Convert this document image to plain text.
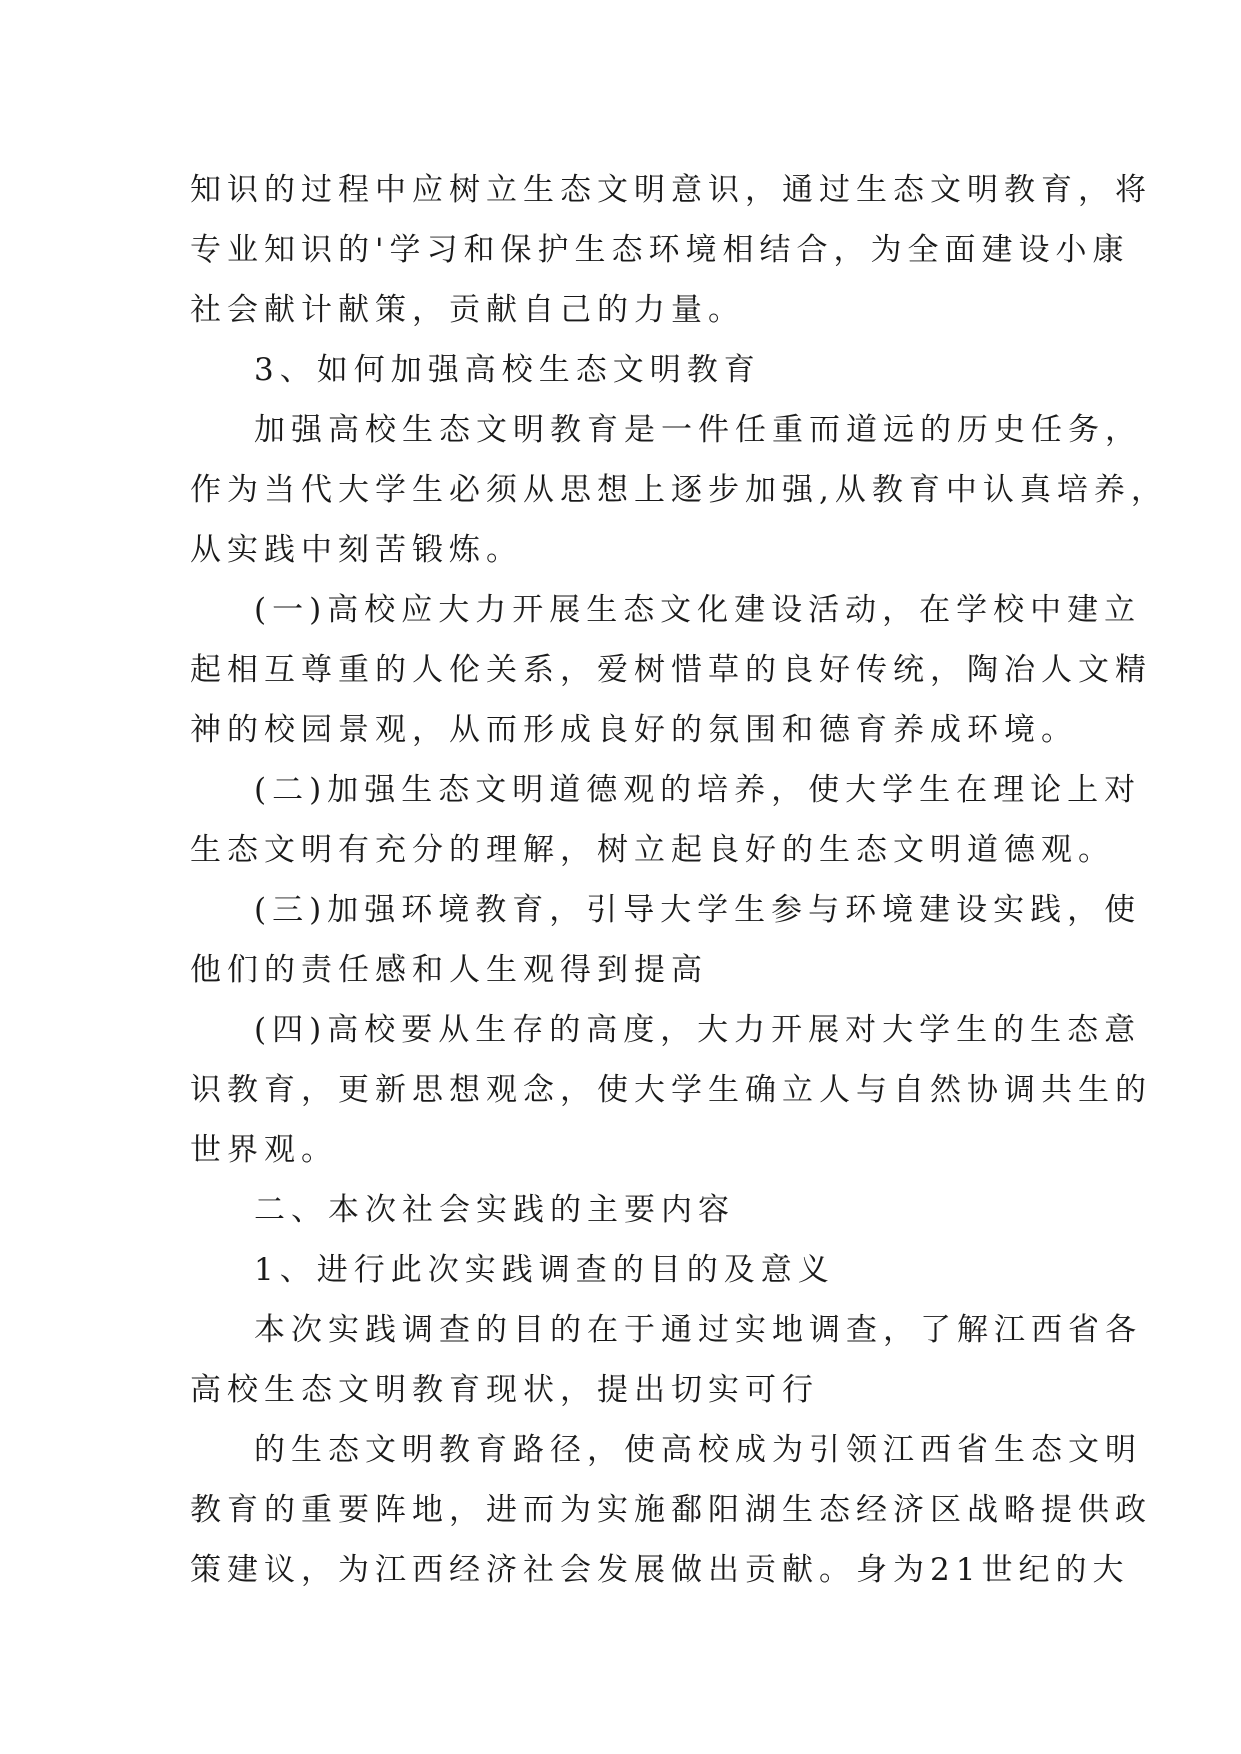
知识的过程中应树立生态文明意识，通过生态文明教育，将
专业知识的'学习和保护生态环境相结合，为全面建设小康
社会献计献策，贡献自己的力量。
3、如何加强高校生态文明教育
加强高校生态文明教育是一件任重而道远的历史任务，
作为当代大学生必须从思想上逐步加强,从教育中认真培养，
从实践中刻苦锻炼。
(一)高校应大力开展生态文化建设活动，在学校中建立
起相互尊重的人伦关系，爱树惜草的良好传统，陶冶人文精
神的校园景观，从而形成良好的氛围和德育养成环境。
(二)加强生态文明道德观的培养，使大学生在理论上对
生态文明有充分的理解，树立起良好的生态文明道德观。
(三)加强环境教育，引导大学生参与环境建设实践，使
他们的责任感和人生观得到提高
(四)高校要从生存的高度，大力开展对大学生的生态意
识教育，更新思想观念，使大学生确立人与自然协调共生的
世界观。
二、本次社会实践的主要内容
1、进行此次实践调查的目的及意义
本次实践调查的目的在于通过实地调查，了解江西省各
高校生态文明教育现状，提出切实可行
的生态文明教育路径，使高校成为引领江西省生态文明
教育的重要阵地，进而为实施鄱阳湖生态经济区战略提供政
策建议，为江西经济社会发展做出贡献。身为21世纪的大
